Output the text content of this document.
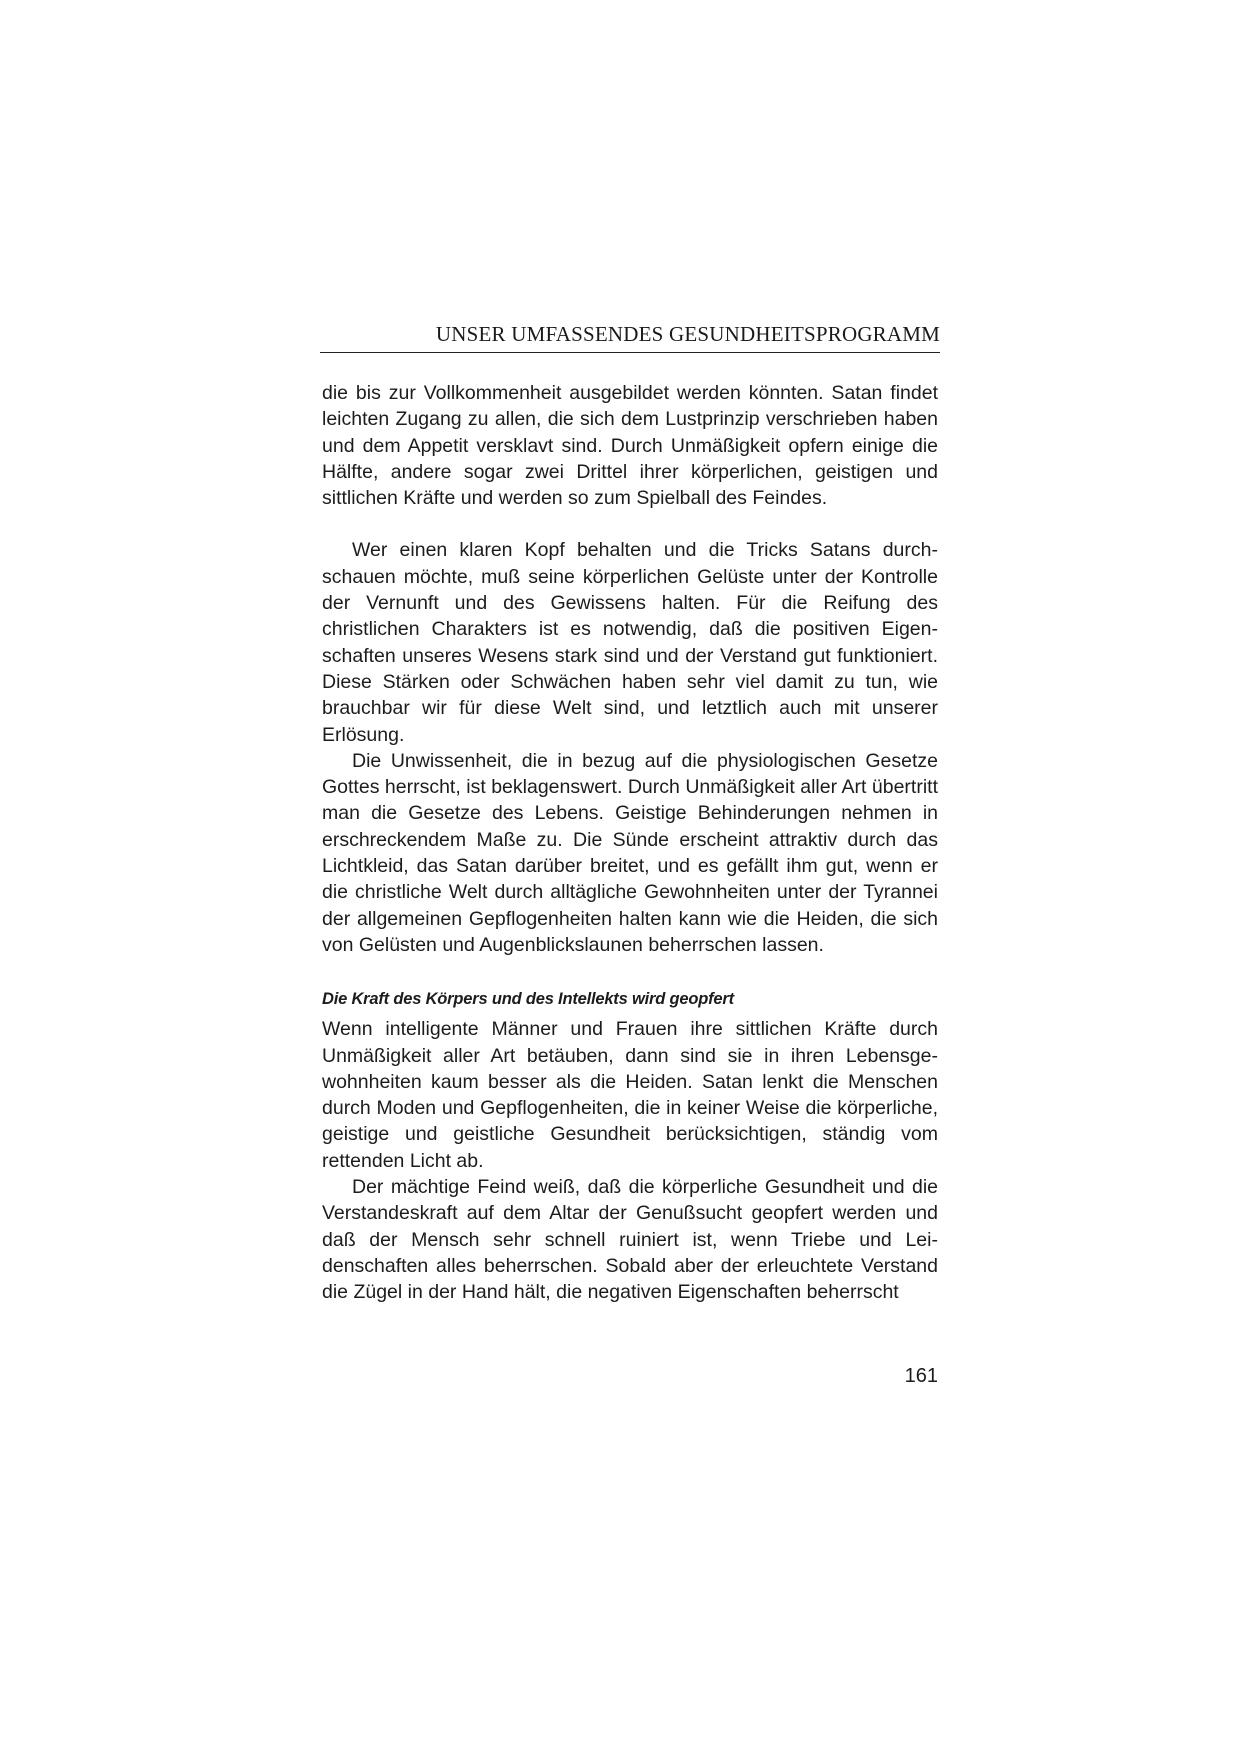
UNSER UMFASSENDES GESUNDHEITSPROGRAMM

die bis zur Vollkommenheit ausgebildet werden könnten. Satan findet leichten Zugang zu allen, die sich dem Lustprinzip verschrieben haben und dem Appetit versklavt sind. Durch Unmäßigkeit opfern einige die Hälfte, andere sogar zwei Drittel ihrer körperlichen, geistigen und sittlichen Kräfte und werden so zum Spielball des Feindes.

Wer einen klaren Kopf behalten und die Tricks Satans durchschauen möchte, muß seine körperlichen Gelüste unter der Kontrolle der Vernunft und des Gewissens halten. Für die Reifung des christlichen Charakters ist es notwendig, daß die positiven Eigenschaften unseres Wesens stark sind und der Verstand gut funktioniert. Diese Stärken oder Schwächen haben sehr viel damit zu tun, wie brauchbar wir für diese Welt sind, und letztlich auch mit unserer Erlösung.

Die Unwissenheit, die in bezug auf die physiologischen Gesetze Gottes herrscht, ist beklagenswert. Durch Unmäßigkeit aller Art übertritt man die Gesetze des Lebens. Geistige Behinderungen nehmen in erschreckendem Maße zu. Die Sünde erscheint attraktiv durch das Lichtkleid, das Satan darüber breitet, und es gefällt ihm gut, wenn er die christliche Welt durch alltägliche Gewohnheiten unter der Tyrannei der allgemeinen Gepflogenheiten halten kann wie die Heiden, die sich von Gelüsten und Augenblickslaunen beherrschen lassen.

Die Kraft des Körpers und des Intellekts wird geopfert

Wenn intelligente Männer und Frauen ihre sittlichen Kräfte durch Unmäßigkeit aller Art betäuben, dann sind sie in ihren Lebensgewohnheiten kaum besser als die Heiden. Satan lenkt die Menschen durch Moden und Gepflogenheiten, die in keiner Weise die körperliche, geistige und geistliche Gesundheit berücksichtigen, ständig vom rettenden Licht ab.

Der mächtige Feind weiß, daß die körperliche Gesundheit und die Verstandeskraft auf dem Altar der Genußsucht geopfert werden und daß der Mensch sehr schnell ruiniert ist, wenn Triebe und Leidenschaften alles beherrschen. Sobald aber der erleuchtete Verstand die Zügel in der Hand hält, die negativen Eigenschaften beherrscht

161
